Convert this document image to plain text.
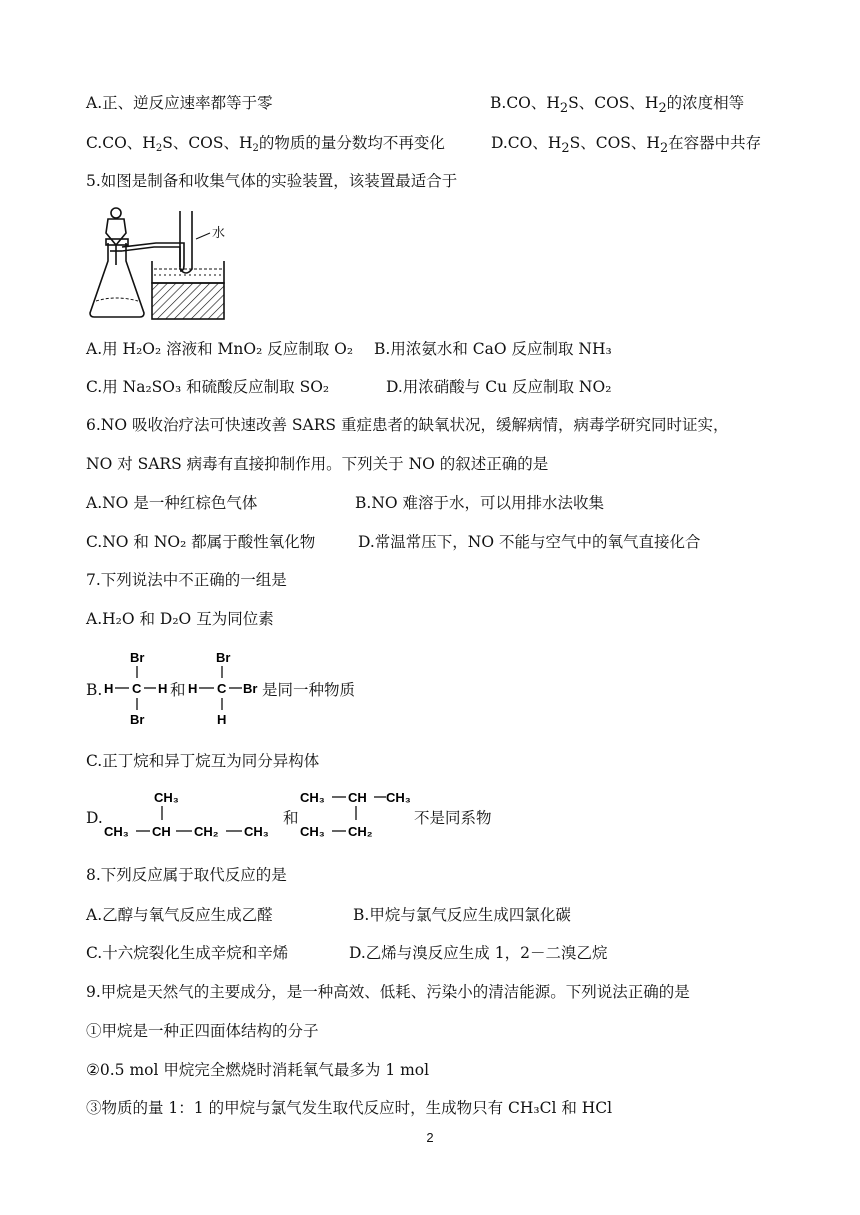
A.正、逆反应速率都等于零	B.CO、$H_2S$、COS、$H_2$的浓度相等
C.CO、$H_2S$、COS、$H_2$的物质的量分数均不再变化	D.CO、$H_2S$、COS、$H_2$在容器中共存
5.如图是制备和收集气体的实验装置，该装置最适合于
水
A.用 H₂O₂ 溶液和 MnO₂ 反应制取 O₂ B.用浓氨水和 CaO 反应制取 NH₃
C.用 Na₂SO₃ 和硫酸反应制取 SO₂	D.用浓硝酸与 Cu 反应制取 NO₂
6.NO 吸收治疗法可快速改善 SARS 重症患者的缺氧状况，缓解病情，病毒学研究同时证实，
NO 对 SARS 病毒有直接抑制作用。下列关于 NO 的叙述正确的是
A.NO 是一种红棕色气体	B.NO 难溶于水，可以用排水法收集
C.NO 和 NO₂ 都属于酸性氧化物	D.常温常压下，NO 不能与空气中的氧气直接化合
7.下列说法中不正确的一组是
A.H₂O 和 D₂O 互为同位素
B.
Br
H C H
Br
和
Br
H C Br
H
是同一种物质
C.正丁烷和异丁烷互为同分异构体
D.
CH₃
CH₃ CH CH₂ CH₃
和
CH₃ CH CH₃
CH₃ CH₂
不是同系物
8.下列反应属于取代反应的是
A.乙醇与氧气反应生成乙醛	B.甲烷与氯气反应生成四氯化碳
C.十六烷裂化生成辛烷和辛烯	D.乙烯与溴反应生成 1，2－二溴乙烷
9.甲烷是天然气的主要成分，是一种高效、低耗、污染小的清洁能源。下列说法正确的是
①甲烷是一种正四面体结构的分子
②0.5 mol 甲烷完全燃烧时消耗氧气最多为 1 mol
③物质的量 1：1 的甲烷与氯气发生取代反应时，生成物只有 CH₃Cl 和 HCl
2
